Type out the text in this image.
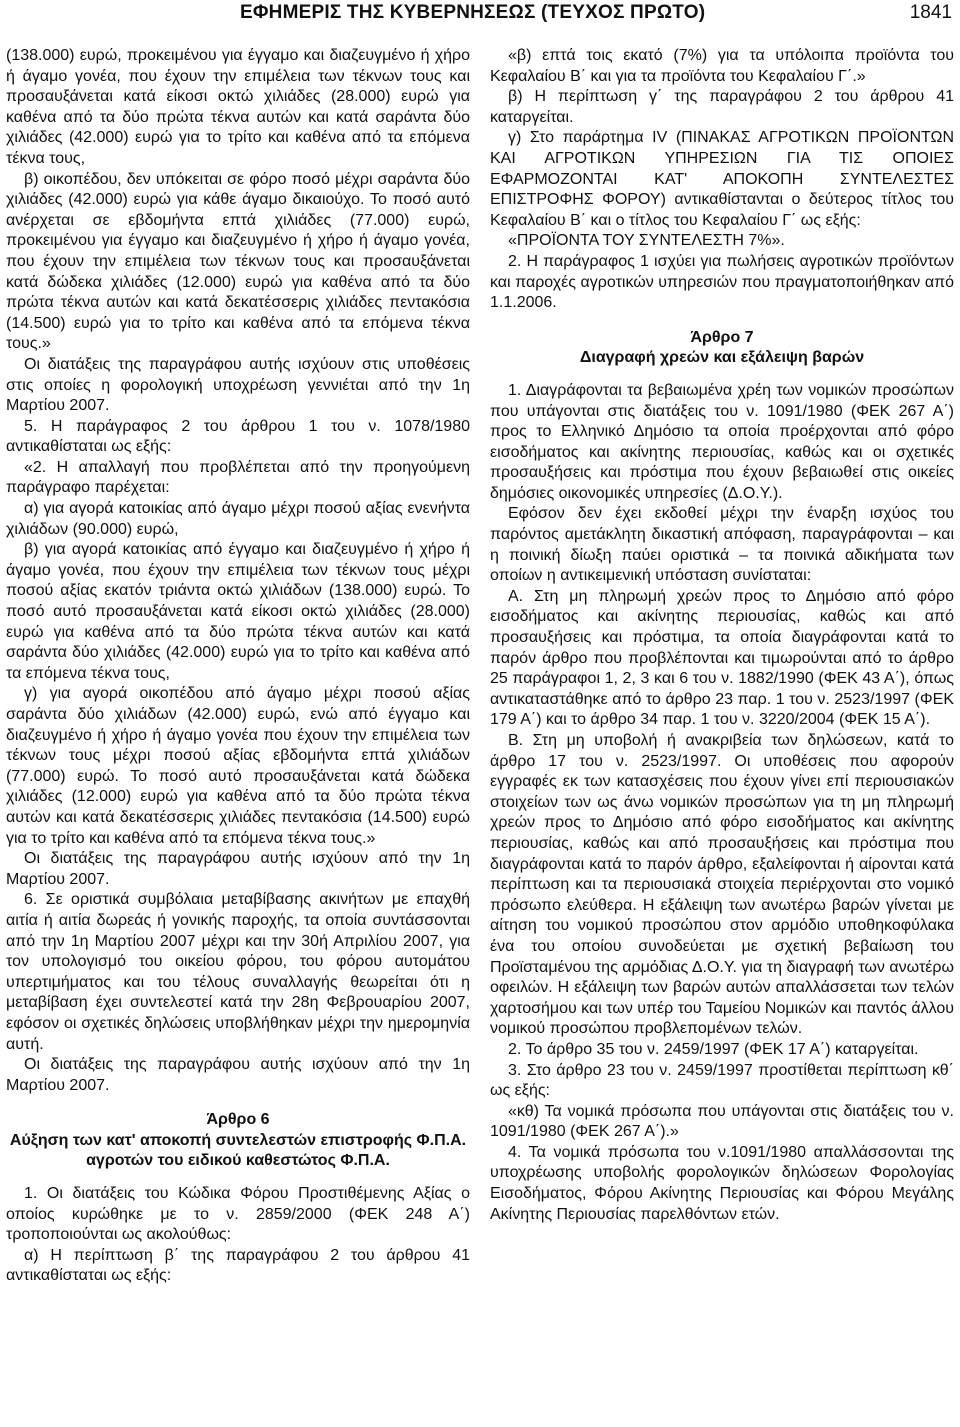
ΕΦΗΜΕΡΙΣ ΤΗΣ ΚΥΒΕΡΝΗΣΕΩΣ (ΤΕΥΧΟΣ ΠΡΩΤΟ)	1841

(138.000) ευρώ, προκειμένου για έγγαμο και διαζευγμένο ή χήρο ή άγαμο γονέα, που έχουν την επιμέλεια των τέκνων τους και προσαυξάνεται κατά είκοσι οκτώ χιλιάδες (28.000) ευρώ για καθένα από τα δύο πρώτα τέκνα αυτών και κατά σαράντα δύο χιλιάδες (42.000) ευρώ για το τρίτο και καθένα από τα επόμενα τέκνα τους,

β) οικοπέδου, δεν υπόκειται σε φόρο ποσό μέχρι σαράντα δύο χιλιάδες (42.000) ευρώ για κάθε άγαμο δικαιούχο. Το ποσό αυτό ανέρχεται σε εβδομήντα επτά χιλιάδες (77.000) ευρώ, προκειμένου για έγγαμο και διαζευγμένο ή χήρο ή άγαμο γονέα, που έχουν την επιμέλεια των τέκνων τους και προσαυξάνεται κατά δώδεκα χιλιάδες (12.000) ευρώ για καθένα από τα δύο πρώτα τέκνα αυτών και κατά δεκατέσσερις χιλιάδες πεντακόσια (14.500) ευρώ για το τρίτο και καθένα από τα επόμενα τέκνα τους.»

Οι διατάξεις της παραγράφου αυτής ισχύουν στις υποθέσεις στις οποίες η φορολογική υποχρέωση γεννιέται από την 1η Μαρτίου 2007.

5. Η παράγραφος 2 του άρθρου 1 του ν. 1078/1980 αντικαθίσταται ως εξής:

«2. Η απαλλαγή που προβλέπεται από την προηγούμενη παράγραφο παρέχεται:

α) για αγορά κατοικίας από άγαμο μέχρι ποσού αξίας ενενήντα χιλιάδων (90.000) ευρώ,

β) για αγορά κατοικίας από έγγαμο και διαζευγμένο ή χήρο ή άγαμο γονέα, που έχουν την επιμέλεια των τέκνων τους μέχρι ποσού αξίας εκατόν τριάντα οκτώ χιλιάδων (138.000) ευρώ. Το ποσό αυτό προσαυξάνεται κατά είκοσι οκτώ χιλιάδες (28.000) ευρώ για καθένα από τα δύο πρώτα τέκνα αυτών και κατά σαράντα δύο χιλιάδες (42.000) ευρώ για το τρίτο και καθένα από τα επόμενα τέκνα τους,

γ) για αγορά οικοπέδου από άγαμο μέχρι ποσού αξίας σαράντα δύο χιλιάδων (42.000) ευρώ, ενώ από έγγαμο και διαζευγμένο ή χήρο ή άγαμο γονέα που έχουν την επιμέλεια των τέκνων τους μέχρι ποσού αξίας εβδομήντα επτά χιλιάδων (77.000) ευρώ. Το ποσό αυτό προσαυξάνεται κατά δώδεκα χιλιάδες (12.000) ευρώ για καθένα από τα δύο πρώτα τέκνα αυτών και κατά δεκατέσσερις χιλιάδες πεντακόσια (14.500) ευρώ για το τρίτο και καθένα από τα επόμενα τέκνα τους.»

Οι διατάξεις της παραγράφου αυτής ισχύουν από την 1η Μαρτίου 2007.

6. Σε οριστικά συμβόλαια μεταβίβασης ακινήτων με επαχθή αιτία ή αιτία δωρεάς ή γονικής παροχής, τα οποία συντάσσονται από την 1η Μαρτίου 2007 μέχρι και την 30ή Απριλίου 2007, για τον υπολογισμό του οικείου φόρου, του φόρου αυτομάτου υπερτιμήματος και του τέλους συναλλαγής θεωρείται ότι η μεταβίβαση έχει συντελεστεί κατά την 28η Φεβρουαρίου 2007, εφόσον οι σχετικές δηλώσεις υποβλήθηκαν μέχρι την ημερομηνία αυτή.

Οι διατάξεις της παραγράφου αυτής ισχύουν από την 1η Μαρτίου 2007.

Άρθρο 6

Αύξηση των κατ' αποκοπή συντελεστών επιστροφής Φ.Π.Α. αγροτών του ειδικού καθεστώτος Φ.Π.Α.

1. Οι διατάξεις του Κώδικα Φόρου Προστιθέμενης Αξίας ο οποίος κυρώθηκε με το ν. 2859/2000 (ΦΕΚ 248 Α΄) τροποποιούνται ως ακολούθως:

α) Η περίπτωση β΄ της παραγράφου 2 του άρθρου 41 αντικαθίσταται ως εξής:

«β) επτά τοις εκατό (7%) για τα υπόλοιπα προϊόντα του Κεφαλαίου Β΄ και για τα προϊόντα του Κεφαλαίου Γ΄.»

β) Η περίπτωση γ΄ της παραγράφου 2 του άρθρου 41 καταργείται.

γ) Στο παράρτημα IV (ΠΙΝΑΚΑΣ ΑΓΡΟΤΙΚΩΝ ΠΡΟΪΟΝΤΩΝ ΚΑΙ ΑΓΡΟΤΙΚΩΝ ΥΠΗΡΕΣΙΩΝ ΓΙΑ ΤΙΣ ΟΠΟΙΕΣ ΕΦΑΡΜΟΖΟΝΤΑΙ ΚΑΤ' ΑΠΟΚΟΠΗ ΣΥΝΤΕΛΕΣΤΕΣ ΕΠΙΣΤΡΟΦΗΣ ΦΟΡΟΥ) αντικαθίστανται ο δεύτερος τίτλος του Κεφαλαίου Β΄ και ο τίτλος του Κεφαλαίου Γ΄ ως εξής:

«ΠΡΟΪΟΝΤΑ ΤΟΥ ΣΥΝΤΕΛΕΣΤΗ 7%».

2. Η παράγραφος 1 ισχύει για πωλήσεις αγροτικών προϊόντων και παροχές αγροτικών υπηρεσιών που πραγματοποιήθηκαν από 1.1.2006.

Άρθρο 7

Διαγραφή χρεών και εξάλειψη βαρών

1. Διαγράφονται τα βεβαιωμένα χρέη των νομικών προσώπων που υπάγονται στις διατάξεις του ν. 1091/1980 (ΦΕΚ 267 Α΄) προς το Ελληνικό Δημόσιο τα οποία προέρχονται από φόρο εισοδήματος και ακίνητης περιουσίας, καθώς και οι σχετικές προσαυξήσεις και πρόστιμα που έχουν βεβαιωθεί στις οικείες δημόσιες οικονομικές υπηρεσίες (Δ.Ο.Υ.).

Εφόσον δεν έχει εκδοθεί μέχρι την έναρξη ισχύος του παρόντος αμετάκλητη δικαστική απόφαση, παραγράφονται – και η ποινική δίωξη παύει οριστικά – τα ποινικά αδικήματα των οποίων η αντικειμενική υπόσταση συνίσταται:

Α. Στη μη πληρωμή χρεών προς το Δημόσιο από φόρο εισοδήματος και ακίνητης περιουσίας, καθώς και από προσαυξήσεις και πρόστιμα, τα οποία διαγράφονται κατά το παρόν άρθρο που προβλέπονται και τιμωρούνται από το άρθρο 25 παράγραφοι 1, 2, 3 και 6 του ν. 1882/1990 (ΦΕΚ 43 Α΄), όπως αντικαταστάθηκε από το άρθρο 23 παρ. 1 του ν. 2523/1997 (ΦΕΚ 179 Α΄) και το άρθρο 34 παρ. 1 του ν. 3220/2004 (ΦΕΚ 15 Α΄).

Β. Στη μη υποβολή ή ανακριβεία των δηλώσεων, κατά το άρθρο 17 του ν. 2523/1997. Οι υποθέσεις που αφορούν εγγραφές εκ των κατασχέσεις που έχουν γίνει επί περιουσιακών στοιχείων των ως άνω νομικών προσώπων για τη μη πληρωμή χρεών προς το Δημόσιο από φόρο εισοδήματος και ακίνητης περιουσίας, καθώς και από προσαυξήσεις και πρόστιμα που διαγράφονται κατά το παρόν άρθρο, εξαλείφονται ή αίρονται κατά περίπτωση και τα περιουσιακά στοιχεία περιέρχονται στο νομικό πρόσωπο ελεύθερα. Η εξάλειψη των ανωτέρω βαρών γίνεται με αίτηση του νομικού προσώπου στον αρμόδιο υποθηκοφύλακα ένα του οποίου συνοδεύεται με σχετική βεβαίωση του Προϊσταμένου της αρμόδιας Δ.Ο.Υ. για τη διαγραφή των ανωτέρω οφειλών. Η εξάλειψη των βαρών αυτών απαλλάσσεται των τελών χαρτοσήμου και των υπέρ του Ταμείου Νομικών και παντός άλλου νομικού προσώπου προβλεπομένων τελών.

2. Το άρθρο 35 του ν. 2459/1997 (ΦΕΚ 17 Α΄) καταργείται.

3. Στο άρθρο 23 του ν. 2459/1997 προστίθεται περίπτωση κθ΄ ως εξής:

«κθ) Τα νομικά πρόσωπα που υπάγονται στις διατάξεις του ν. 1091/1980 (ΦΕΚ 267 Α΄).»

4. Τα νομικά πρόσωπα του ν.1091/1980 απαλλάσσονται της υποχρέωσης υποβολής φορολογικών δηλώσεων Φορολογίας Εισοδήματος, Φόρου Ακίνητης Περιουσίας και Φόρου Μεγάλης Ακίνητης Περιουσίας παρελθόντων ετών.
